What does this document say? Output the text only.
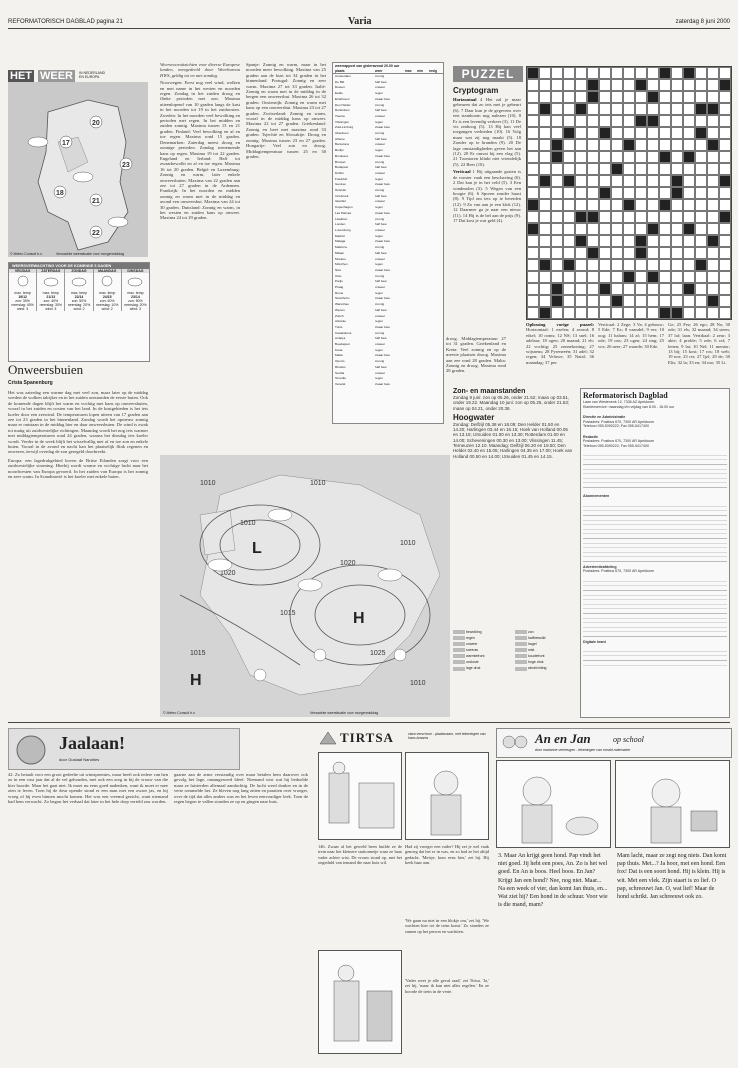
REFORMATORISCH DAGBLAD pagina 21	Varia	zaterdag 8 juni 2000
HET WEER IN NEDERLAND EN EUROPA
20
17
23
18
21
22
© Meteo Consult b.v.	Verwachte weersituatie voor morgenmiddag
WEERSVERWACHTING VOOR DE KOMENDE 5 DAGEN
VRIJDAG
max. temp
19/12
zon: 30%
neerslag: 40%
wind: 3
ZATERDAG
max. temp
21/13
zon: 40%
neerslag: 30%
wind: 3
ZONDAG
max. temp
22/14
zon: 50%
neerslag: 20%
wind: 2
MAANDAG
max. temp
24/15
zon: 60%
neerslag: 10%
wind: 2
DINSDAG
max. temp
23/14
zon: 50%
neerslag: 20%
wind: 3
Onweersbuien
Crista Spanenburg

Het was zaterdag een warme dag met veel zon, maar later op de middag werden de wolken talrijker en in het zuiden ontstonden de eerste buien. Ook de komende dagen blijft het warm en vochtig met kans op onweersbuien, vooral in het zuiden en oosten van het land. In de kustgebieden is het iets koeler door een zeewind. De temperaturen lopen uiteen van 17 graden aan zee tot 23 graden in het binnenland. Zondag wordt het opnieuw zonnig maar er ontstaan in de middag hier en daar onweersbuien. De wind is zwak tot matig uit zuidwestelijke richtingen. Maandag wordt het nog iets warmer met middagtemperaturen rond 24 graden, waarna het dinsdag iets koeler wordt. Verder in de week blijft het wisselvallig met af en toe zon en enkele buien. Vooral in de avond en nacht kan het plaatselijk flink regenen en onweren, terwijl overdag de zon geregeld doorbreekt.

Europa: een lagedrukgebied boven de Britse Eilanden zorgt voor een zuidwestelijke stroming. Hierbij wordt warme en vochtige lucht naar het noordwesten van Europa gevoerd. In het zuiden van Europa is het zonnig en zeer warm. In Scandinavië is het koeler met enkele buien.

Weersvooruitzichten voor diverse Europese landen, meegedeeld door Weerbureau HWS, geldig tot en met zondag.

Noorwegen: Eerst nog veel wind, wolken en met name in het westen en noorden regen. Zondag in het zuiden droog en flinke perioden met zon. Maxima uiteenlopend van 10 graden langs de kust in het noorden tot 19 in het zuidoosten. Zweden: In het noorden veel bewolking en perioden met regen. In het midden en zuiden zonnig. Maxima tussen 13 en 21 graden. Finland: Veel bewolking en af en toe regen. Maxima rond 15 graden. Denemarken: Zaterdag meest droog en zonnige perioden. Zondag toenemende kans op regen. Maxima 19 tot 22 graden. Engeland en Ierland: Half tot zwaarbewolkt en af en toe regen. Maxima 16 tot 20 graden. België en Luxemburg: Zonnig en warm, later enkele onweersbuien. Maxima van 22 graden aan zee tot 27 graden in de Ardennen. Frankrijk: In het noorden en midden zonnig en warm met in de middag en avond een onweersbui. Maxima van 24 tot 30 graden. Duitsland: Zonnig en warm, in het westen en zuiden kans op onweer. Maxima 24 tot 29 graden.

Spanje: Zonnig en warm, maar in het noorden meer bewolking. Maxima van 25 graden aan de kust tot 34 graden in het binnenland. Portugal: Zonnig en zeer warm. Maxima 27 tot 33 graden. Italië: Zonnig en warm met in de middag in de bergen een onweersbui. Maxima 26 tot 32 graden. Oostenrijk: Zonnig en warm met kans op een onweersbui. Maxima 23 tot 27 graden. Zwitserland: Zonnig en warm, vooral in de middag kans op onweer. Maxima 22 tot 27 graden. Griekenland: Zonnig en heet met maxima rond 33 graden. Tsjechië en Slowakije: Droog en zonnig. Maxima tussen 23 en 27 graden. Hongarije: Veel zon en droog. Middagtemperatuur tussen 25 en 30 graden.

weerrapport van gisteravond 20.00 uur
plaats	weer	max	min	nrslg
Amsterdam	zonnig
De Bilt	half bew.
Deelen	onweer
Eelde	regen
Eindhoven	zwaar bew.
Den Helder	zonnig
Rotterdam	half bew.
Twente	onweer
Vlissingen	regen
Zuid-Limburg	zwaar bew.
Aberdeen	zonnig
Athene	half bew.
Barcelona	onweer
Berlijn	regen
Bordeaux	zwaar bew.
Brussel	zonnig
Budapest	half bew.
Dublin	onweer
Frankfurt	regen
Genève	zwaar bew.
Helsinki	zonnig
Innsbruck	half bew.
Istanbul	onweer
Kopenhagen	regen
Las Palmas	zwaar bew.
Lissabon	zonnig
Londen	half bew.
Luxemburg	onweer
Madrid	regen
Malaga	zwaar bew.
Mallorca	zonnig
Milaan	half bew.
Moskou	onweer
München	regen
Nice	zwaar bew.
Oslo	zonnig
Parijs	half bew.
Praag	onweer
Rome	regen
Stockholm	zwaar bew.
Warschau	zonnig
Wenen	half bew.
Zürich	onweer
Alicante	regen
Tunis	zwaar bew.
Casablanca	zonnig
Antalya	half bew.
Boedapest	onweer
Kreta	regen
Malta	zwaar bew.
Oporto	zonnig
Rhodos	half bew.
Sevilla	onweer
Tenerife	regen
Venetië	zwaar bew.

droog. Middagtemperatuur 27 tot 31 graden. Griekenland en Kreta: Veel zonnig en op de meeste plaatsen droog. Maxima aan zee rond 28 graden. Malta: Zonnig en droog. Maxima rond 28 graden.

PUZZEL
Cryptogram

Horizontaal 4 Het zal je maar gebeuren dat zo iets met je gebeurt (6). 7 Daar kun je de gegevens over een stamboom nog nalezen (10). 8 Er is een levendig verkeer (3). 11 De vis omhoog (5). 13 Hij kan veel toegangen verbieden (10). 16 Volg maar wat zij nog maakt (5). 18 Zonder op te branden (9). 20 De lage omstandigheden geven het aan (12). 20 Er omvat bij een vlag (5). 21 Toontoren klinkt niet vriendelijk (5). 22 Beer (10).

Verticaal 1 Bij uitgaande gasten is de rooster vaak een beschaving (6). 2 Dat kan je in het veld (5). 3 Een windmolen (3). 5 Wegen van een hoogte (6). 6 Sporen zonder haast (8). 9 Tijd om iets op te bereiden (12). 9 Zo van aan je een klok (12). 12 Daarmee ga je naar een nieuw (11). 14 Hij is de bel aan de prijs (9). 17 Dat kost je wat geld (4).

Oplossing vorige puzzel: Horizontaal: 1 ezelen; 4 avond; 8 eikel; 10 ooms; 12 NS; 13 snel; 16 adelaar; 18 ogen; 20 maand; 21 eb; 22 vochtig; 25 zonnekoning; 27 wijsneus; 28 Pyreneeën; 31 adel; 32 regen; 34 Veluwe; 35 Natal; 36 maandag; 37 per.
Verticaal: 2 Zege; 3 Va; 4 gebouw; 5 Ede; 7 Ex; 8 vaandel; 9 eer; 10 oog; 11 balans; 14 af; 15 hem; 17 ode; 19 ons; 23 ogen; 24 ring; 25 vos; 26 neer; 27 waarde; 30 Ede.
Ge; 25 Fez; 26 ego; 28 No; 30 ode; 31 els; 32 maand; 34 steen; 37 laf; laan. Vertikaal: 2 zeur; 3 akte; 4 proble; 5 ode; 6 raf; 7 lenen; 9 lat; 10 Nel; 11 mentor; 13 bij; 15 kost; 17 ros; 18 web; 19 nor; 23 ret; 27 Ijzl; 29 de; 30 Elis; 32 la; 33 en; 34 mo; 35 Li.
Zon- en maanstanden
Zondag 9 juni: zon op 05.26, onder 21.52; maan op 03.51, onder 19.22. Maandag 10 juni: zon op 05.25, onder 21.53; maan op 04.21, onder 20.36.
Hoogwater
Zondag: Delfzijl 05.38 en 18.09; Den Helder 01.50 en 14.20; Harlingen 03.44 en 16.15; Hoek van Holland 00.05 en 13.15; IJmuiden 01.00 en 13.30; Rotterdam 01.00 en 14.00; Scheveningen 00.30 en 13.00; Vlissingen 11.45; Terneuzen 12.10. Maandag: Delfzijl 06.20 en 18.50; Den Helder 02.40 en 15.05; Harlingen 04.35 en 17.00; Hoek van Holland 00.50 en 14.00; IJmuiden 01.45 en 14.15.
Reformatorisch Dagblad
Laan van Westenenk 12, 7336 AZ Apeldoorn
Klantenservice: maandag t/m vrijdag van 8.00 - 16.00 uur
Directie en Administratie
Postadres: Postbus 670, 7300 AR Apeldoorn
Telefoon 055-5390222; Fax 055-5417400
Redactie
Postadres: Postbus 670, 7300 AR Apeldoorn
Telefoon 055-5390222; Fax 055-5417400
Abonnementen
Advertentieafdeling
Postadres: Postbus 670, 7300 AR Apeldoorn
Digitale krant
1010	1010
1020
1020
1025
1015
1010
1015
1010
1010
L
H
H
© Meteo Consult b.v.	Verwachte weersituatie voor morgenmiddag
bewolking	zon
regen	halfbewolkt
onweer	hagel
sneeuw	mist
warmtefront	koudefront
occlusie	hoge druk
lage druk	windrichting
Jaalaan!
door Gustaaf Nandries

42. Zo betaalt voor een groot gedeelte uit winstpremies, maar heeft ook iedere van hen zo in een vast jaar dat al de vel gehouden, met ook een zorg in bij de vrouw van die hier hoorde. Maar het gaat niet. Ik moet nu eens goed nadenken, want ik moet er mee zien te leven. Toen hij de deur opende stond er een man met een zware jas, en hij vroeg of hij even binnen mocht komen. Het was een vreemd gezicht, want niemand had hem verwacht. Zo begon het verhaal dat later in het hele dorp verteld zou worden.

gaarne aan de arme verstandig over maar betalen hem daarover ook gevolg het lage, onaangeroerd bleef. Niemand wist wat hij bedoelde maar ze luisterden allemaal aandachtig. De lucht werd donker en in de verte rommelde het. Ze bleven nog lang zitten en praatten over vroeger, over de tijd dat alles anders was en het leven eenvoudiger leek. Toen de regen begon te vallen stonden ze op en gingen naar huis.

TIRTSA	clara verschoor - plaatsnaam, met tekeningen van hans braams
146. Zwaar al het geweld heen huilde ze de trein naar het kleinere stationnetje waar ze haar vader achter wist. De vrouw stond op, met het ongeduld van iemand die naar huis wil.
Had zij vroeger een vader? Hij zei je wel vaak genoeg dat het er in was, en zo had ze het altijd gedacht. 'Meisje, kom eens hier,' zei hij. Hij keek haar aan.
'We gaan nu niet in een blokje om,' zei hij. 'We wachten hier tot de trein komt.' Zo stonden ze samen op het perron en wachtten.
'Vader weet je alle geval raad,' zei Tirtsa. 'Ja,' zei hij, 'maar ik kan niet alles regelen.' En ze hoorde de trein in de verte.
An en Jan	op school
door marianne verheugen - tekeningen van ronald rademaker
3. Maar An krijgt geen hond. Pap vindt het niet goed. Jij hebt een poes, An. Zo is het wel goed. En An is boos. Heel boos. En Jan? Krijgt Jan een hond? Nee, nog niet. Maar... Na een week of vier, dan komt Jan thuis, en... Wat ziet hij? Een hond in de schuur. Voor wie is die mand, mam?
Mam lacht, maar ze zegt nog niets. Dan komt pap thuis. Met...? Ja hoor, met een hond. Een fox! Dat is een soort hond. Hij is klein. Hij is wit. Met een vlek. Zijn staart is zo lief. O pap, schreeuwt Jan. O, wat lief! Maar de hond schrikt. Jan schreeuwt ook zo.
